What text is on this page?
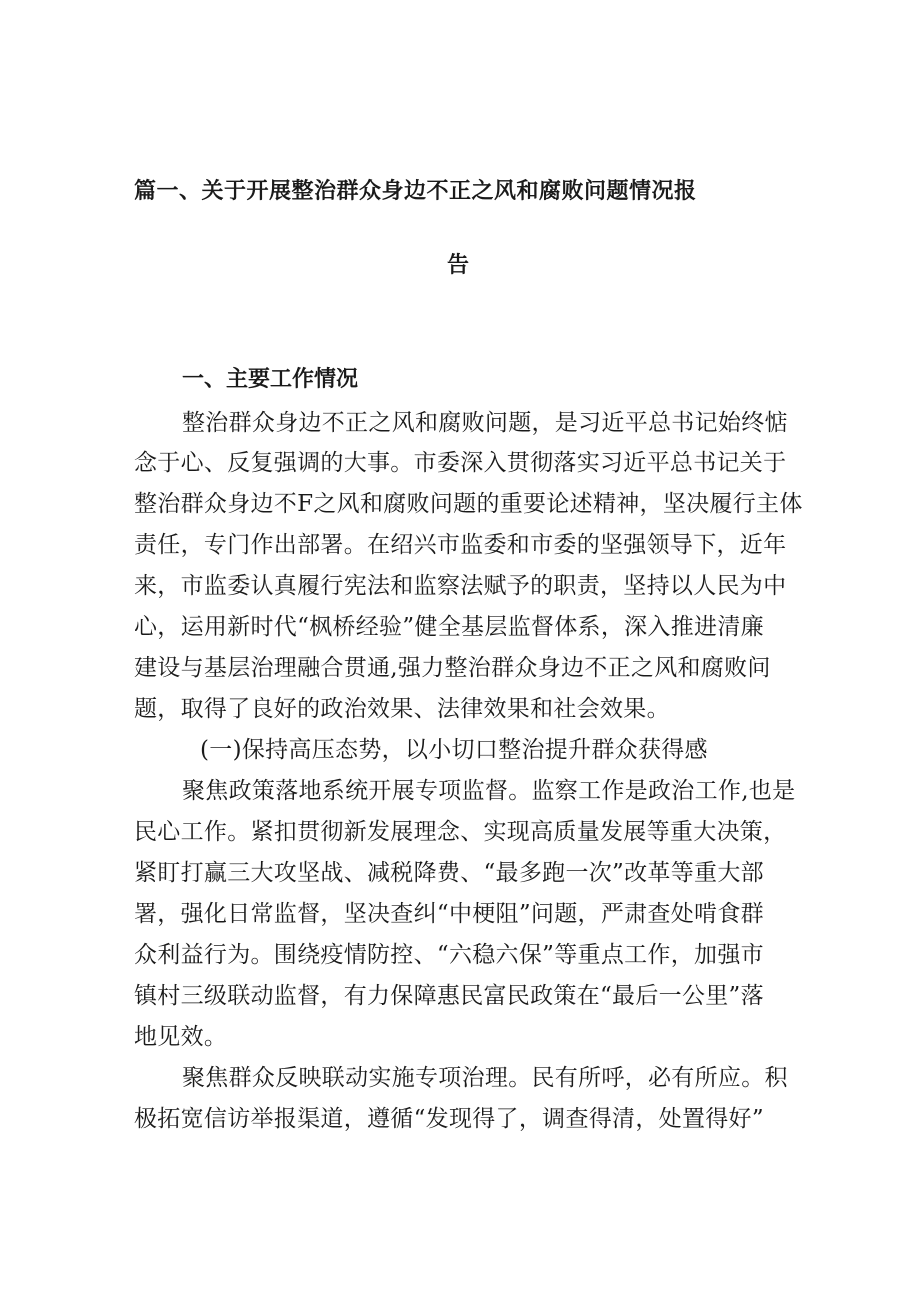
篇一、关于开展整治群众身边不正之风和腐败问题情况报
告
一、主要工作情况
整治群众身边不正之风和腐败问题，是习近平总书记始终惦
念于心、反复强调的大事。市委深入贯彻落实习近平总书记关于
整治群众身边不F之风和腐败问题的重要论述精神，坚决履行主体
责任，专门作出部署。在绍兴市监委和市委的坚强领导下，近年
来，市监委认真履行宪法和监察法赋予的职责，坚持以人民为中
心，运用新时代“枫桥经验”健全基层监督体系，深入推进清廉
建设与基层治理融合贯通,强力整治群众身边不正之风和腐败问
题，取得了良好的政治效果、法律效果和社会效果。
(一)保持高压态势，以小切口整治提升群众获得感
聚焦政策落地系统开展专项监督。监察工作是政治工作,也是
民心工作。紧扣贯彻新发展理念、实现高质量发展等重大决策，
紧盯打赢三大攻坚战、减税降费、“最多跑一次”改革等重大部
署，强化日常监督，坚决查纠“中梗阻”问题，严肃查处啃食群
众利益行为。围绕疫情防控、“六稳六保”等重点工作，加强市
镇村三级联动监督，有力保障惠民富民政策在“最后一公里”落
地见效。
聚焦群众反映联动实施专项治理。民有所呼，必有所应。积
极拓宽信访举报渠道，遵循“发现得了，调查得清，处置得好”
